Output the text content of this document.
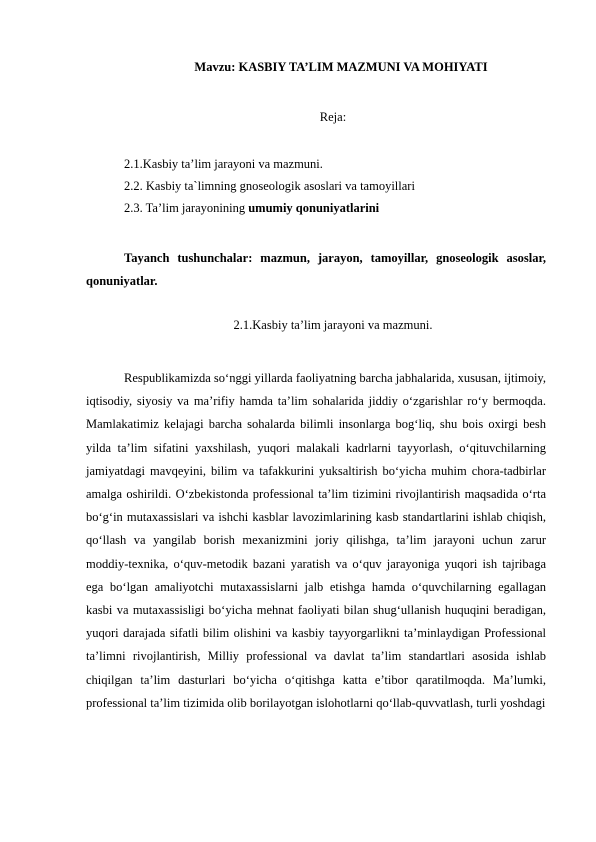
Mavzu: KASBIY TA’LIM MAZMUNI VA MOHIYATI
Reja:
2.1.Kasbiy ta’lim jarayoni va mazmuni.
2.2. Kasbiy ta`limning gnoseologik asoslari va tamoyillari
2.3. Ta’lim jarayonining umumiy qonuniyatlarini
Tayanch tushunchalar: mazmun, jarayon, tamoyillar, gnoseologik asoslar, qonuniyatlar.
2.1.Kasbiy ta’lim jarayoni va mazmuni.
Respublikamizda so‘nggi yillarda faoliyatning barcha jabhalarida, xususan, ijtimoiy, iqtisodiy, siyosiy va ma’rifiy hamda ta’lim sohalarida jiddiy o‘zgarishlar ro‘y bermoqda. Mamlakatimiz kelajagi barcha sohalarda bilimli insonlarga bog‘liq, shu bois oxirgi besh yilda ta’lim sifatini yaxshilash, yuqori malakali kadrlarni tayyorlash, o‘qituvchilarning jamiyatdagi mavqeyini, bilim va tafakkurini yuksaltirish bo‘yicha muhim chora-tadbirlar amalga oshirildi. O‘zbekistonda professional ta’lim tizimini rivojlantirish maqsadida o‘rta bo‘g‘in mutaxassislari va ishchi kasblar lavozimlarining kasb standartlarini ishlab chiqish, qo‘llash va yangilab borish mexanizmini joriy qilishga, ta’lim jarayoni uchun zarur moddiy-texnika, o‘quv-metodik bazani yaratish va o‘quv jarayoniga yuqori ish tajribaga ega bo‘lgan amaliyotchi mutaxassislarni jalb etishga hamda o‘quvchilarning egallagan kasbi va mutaxassisligi bo‘yicha mehnat faoliyati bilan shug‘ullanish huquqini beradigan, yuqori darajada sifatli bilim olishini va kasbiy tayyorgarlikni ta’minlaydigan Professional ta’limni rivojlantirish, Milliy professional va davlat ta’lim standartlari asosida ishlab chiqilgan ta’lim dasturlari bo‘yicha o‘qitishga katta e’tibor qaratilmoqda. Ma’lumki, professional ta’lim tizimida olib borilayotgan islohotlarni qo‘llab-quvvatlash, turli yoshdagi
